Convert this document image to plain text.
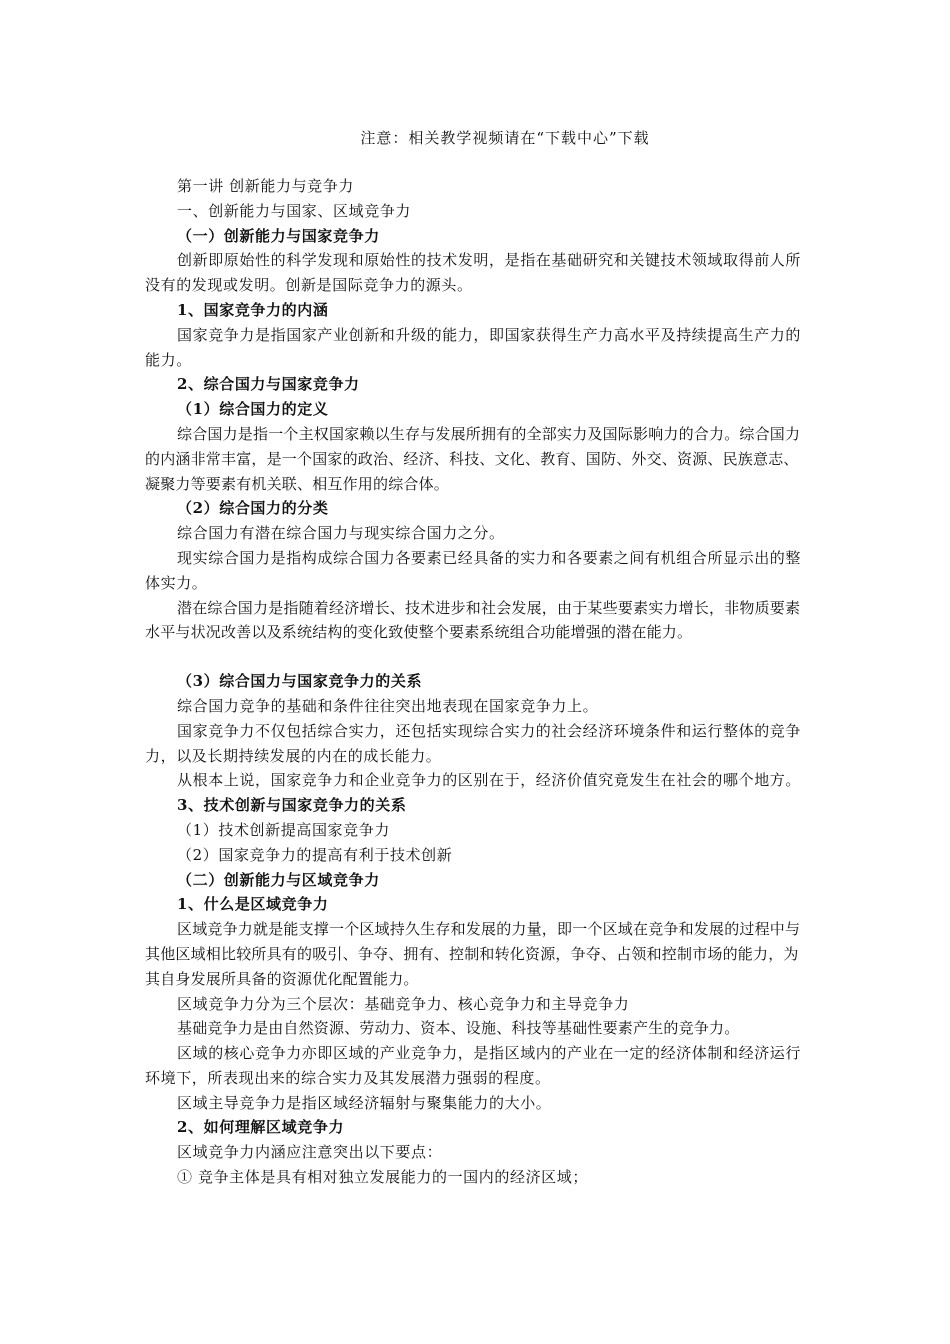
注意：相关教学视频请在“下载中心”下载

第一讲 创新能力与竞争力

一、创新能力与国家、区域竞争力

（一）创新能力与国家竞争力

创新即原始性的科学发现和原始性的技术发明，是指在基础研究和关键技术领域取得前人所没有的发现或发明。创新是国际竞争力的源头。

1、国家竞争力的内涵

国家竞争力是指国家产业创新和升级的能力，即国家获得生产力高水平及持续提高生产力的能力。

2、综合国力与国家竞争力

（1）综合国力的定义

综合国力是指一个主权国家赖以生存与发展所拥有的全部实力及国际影响力的合力。综合国力的内涵非常丰富，是一个国家的政治、经济、科技、文化、教育、国防、外交、资源、民族意志、凝聚力等要素有机关联、相互作用的综合体。

（2）综合国力的分类

综合国力有潜在综合国力与现实综合国力之分。

现实综合国力是指构成综合国力各要素已经具备的实力和各要素之间有机组合所显示出的整体实力。

潜在综合国力是指随着经济增长、技术进步和社会发展，由于某些要素实力增长，非物质要素水平与状况改善以及系统结构的变化致使整个要素系统组合功能增强的潜在能力。

（3）综合国力与国家竞争力的关系

综合国力竞争的基础和条件往往突出地表现在国家竞争力上。

国家竞争力不仅包括综合实力，还包括实现综合实力的社会经济环境条件和运行整体的竞争力，以及长期持续发展的内在的成长能力。

从根本上说，国家竞争力和企业竞争力的区别在于，经济价值究竟发生在社会的哪个地方。

3、技术创新与国家竞争力的关系

（1）技术创新提高国家竞争力

（2）国家竞争力的提高有利于技术创新

（二）创新能力与区域竞争力

1、什么是区域竞争力

区域竞争力就是能支撑一个区域持久生存和发展的力量，即一个区域在竞争和发展的过程中与其他区域相比较所具有的吸引、争夺、拥有、控制和转化资源，争夺、占领和控制市场的能力，为其自身发展所具备的资源优化配置能力。

区域竞争力分为三个层次：基础竞争力、核心竞争力和主导竞争力

基础竞争力是由自然资源、劳动力、资本、设施、科技等基础性要素产生的竞争力。

区域的核心竞争力亦即区域的产业竞争力，是指区域内的产业在一定的经济体制和经济运行环境下，所表现出来的综合实力及其发展潜力强弱的程度。

区域主导竞争力是指区域经济辐射与聚集能力的大小。

2、如何理解区域竞争力

区域竞争力内涵应注意突出以下要点：

① 竞争主体是具有相对独立发展能力的一国内的经济区域；
